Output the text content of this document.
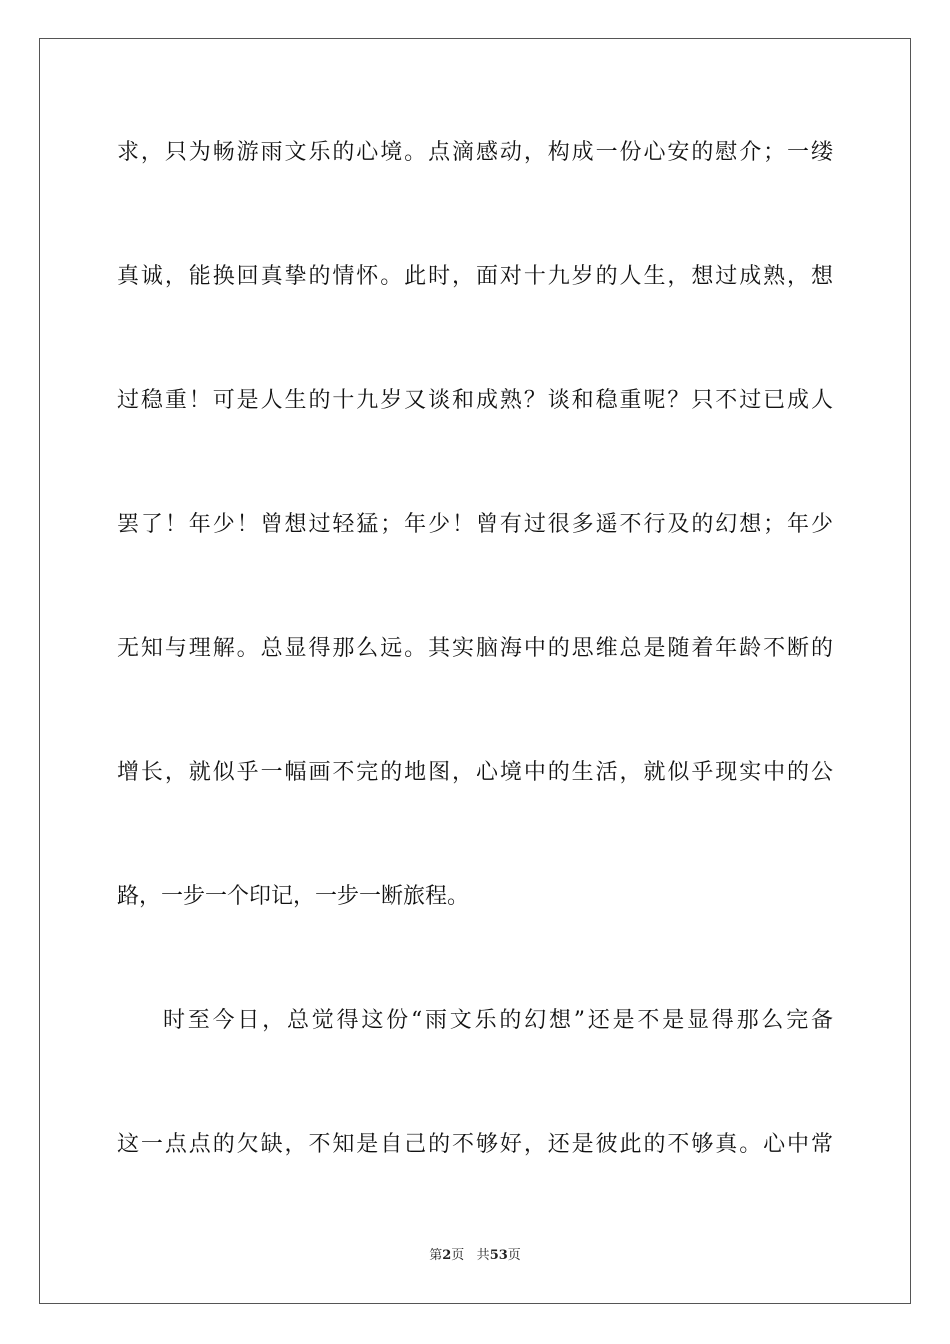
求，只为畅游雨文乐的心境。点滴感动，构成一份心安的慰介；一缕
真诚，能换回真挚的情怀。此时，面对十九岁的人生，想过成熟，想
过稳重！可是人生的十九岁又谈和成熟？谈和稳重呢？只不过已成人
罢了！年少！曾想过轻猛；年少！曾有过很多遥不行及的幻想；年少
无知与理解。总显得那么远。其实脑海中的思维总是随着年龄不断的
增长，就似乎一幅画不完的地图，心境中的生活，就似乎现实中的公
路，一步一个印记，一步一断旅程。
时至今日，总觉得这份“雨文乐的幻想”还是不是显得那么完备
这一点点的欠缺，不知是自己的不够好，还是彼此的不够真。心中常
第2页 共53页
